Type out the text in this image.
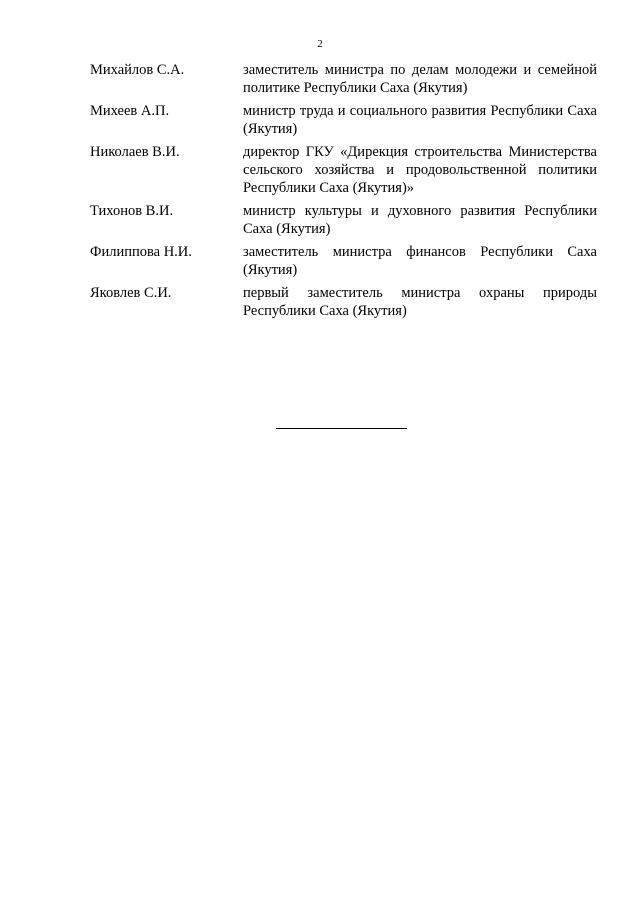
2
Михайлов С.А.	заместитель министра по делам молодежи и семейной политике Республики Саха (Якутия)
Михеев А.П.	министр труда и социального развития Республики Саха (Якутия)
Николаев В.И.	директор ГКУ «Дирекция строительства Министерства сельского хозяйства и продовольственной политики Республики Саха (Якутия)»
Тихонов В.И.	министр культуры и духовного развития Республики Саха (Якутия)
Филиппова Н.И.	заместитель министра финансов Республики Саха (Якутия)
Яковлев С.И.	первый заместитель министра охраны природы Республики Саха (Якутия)
